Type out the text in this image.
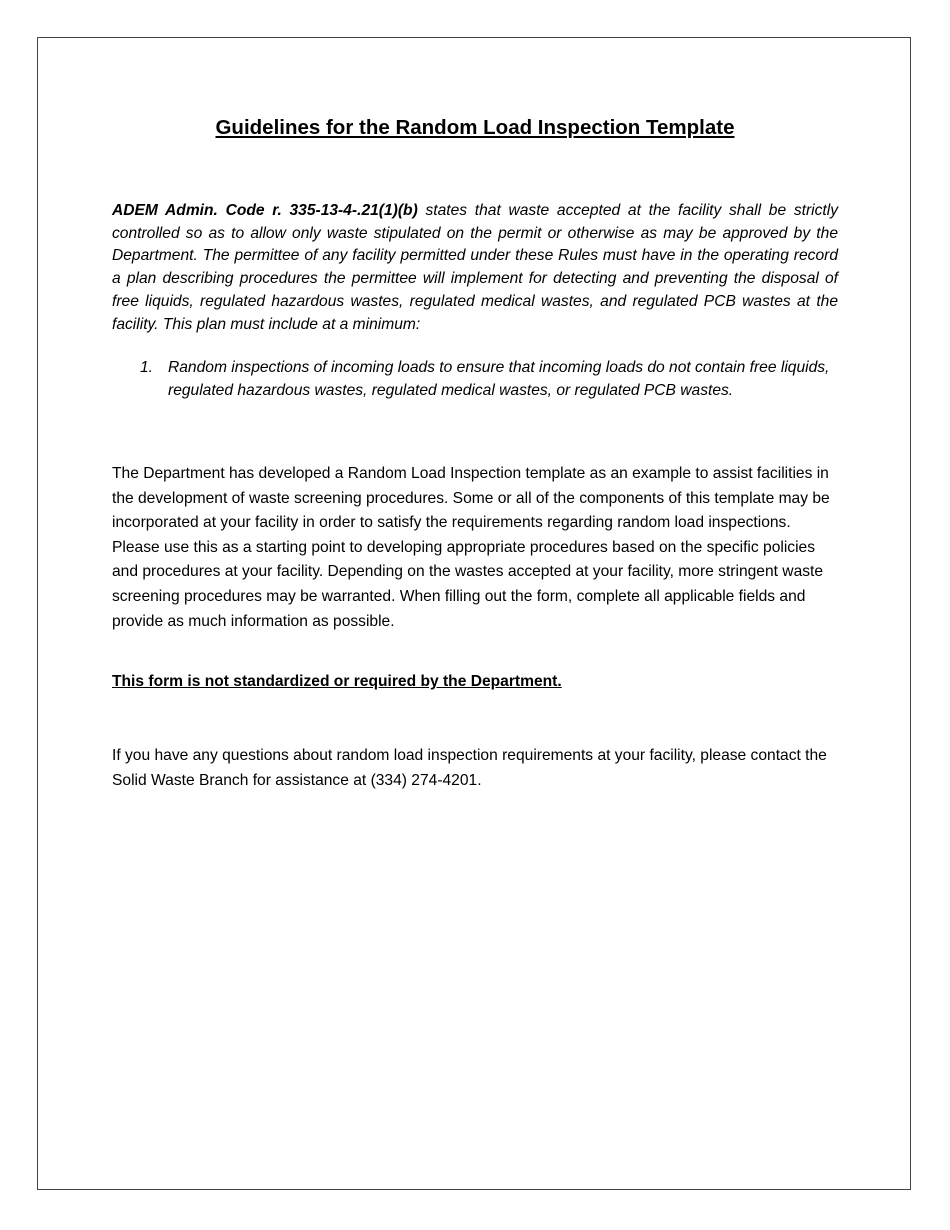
Guidelines for the Random Load Inspection Template

ADEM Admin. Code r. 335-13-4-.21(1)(b) states that waste accepted at the facility shall be strictly controlled so as to allow only waste stipulated on the permit or otherwise as may be approved by the Department. The permittee of any facility permitted under these Rules must have in the operating record a plan describing procedures the permittee will implement for detecting and preventing the disposal of free liquids, regulated hazardous wastes, regulated medical wastes, and regulated PCB wastes at the facility. This plan must include at a minimum:

1. Random inspections of incoming loads to ensure that incoming loads do not contain free liquids, regulated hazardous wastes, regulated medical wastes, or regulated PCB wastes.

The Department has developed a Random Load Inspection template as an example to assist facilities in the development of waste screening procedures. Some or all of the components of this template may be incorporated at your facility in order to satisfy the requirements regarding random load inspections. Please use this as a starting point to developing appropriate procedures based on the specific policies and procedures at your facility. Depending on the wastes accepted at your facility, more stringent waste screening procedures may be warranted. When filling out the form, complete all applicable fields and provide as much information as possible.

This form is not standardized or required by the Department.

If you have any questions about random load inspection requirements at your facility, please contact the Solid Waste Branch for assistance at (334) 274-4201.
